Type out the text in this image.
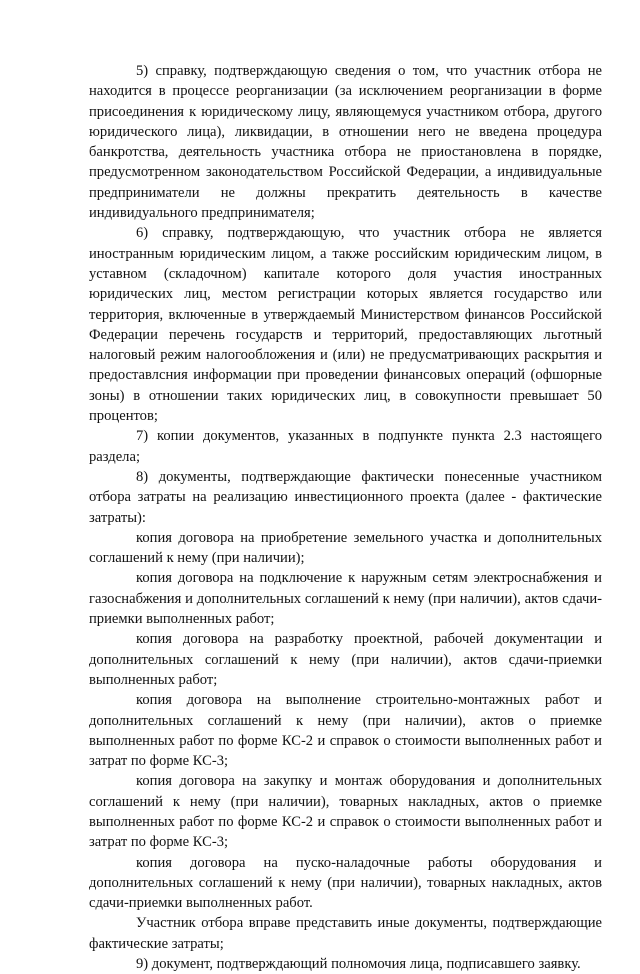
5) справку, подтверждающую сведения о том, что участник отбора не находится в процессе реорганизации (за исключением реорганизации в форме присоединения к юридическому лицу, являющемуся участником отбора, другого юридического лица), ликвидации, в отношении него не введена процедура банкротства, деятельность участника отбора не приостановлена в порядке, предусмотренном законодательством Российской Федерации, а индивидуальные предприниматели не должны прекратить деятельность в качестве индивидуального предпринимателя;

6) справку, подтверждающую, что участник отбора не является иностранным юридическим лицом, а также российским юридическим лицом, в уставном (складочном) капитале которого доля участия иностранных юридических лиц, местом регистрации которых является государство или территория, включенные в утверждаемый Министерством финансов Российской Федерации перечень государств и территорий, предоставляющих льготный налоговый режим налогообложения и (или) не предусматривающих раскрытия и предоставлсния информации при проведении финансовых операций (офшорные зоны) в отношении таких юридических лиц, в совокупности превышает 50 процентов;

7) копии документов, указанных в подпункте пункта 2.3 настоящего раздела;

8) документы, подтверждающие фактически понесенные участником отбора затраты на реализацию инвестиционного проекта (далее - фактические затраты):

копия договора на приобретение земельного участка и дополнительных соглашений к нему (при наличии);

копия договора на подключение к наружным сетям электроснабжения и газоснабжения и дополнительных соглашений к нему (при наличии), актов сдачи-приемки выполненных работ;

копия договора на разработку проектной, рабочей документации и дополнительных соглашений к нему (при наличии), актов сдачи-приемки выполненных работ;

копия договора на выполнение строительно-монтажных работ и дополнительных соглашений к нему (при наличии), актов о приемке выполненных работ по форме КС-2 и справок о стоимости выполненных работ и затрат по форме КС-3;

копия договора на закупку и монтаж оборудования и дополнительных соглашений к нему (при наличии), товарных накладных, актов о приемке выполненных работ по форме КС-2 и справок о стоимости выполненных работ и затрат по форме КС-3;

копия договора на пуско-наладочные работы оборудования и дополнительных соглашений к нему (при наличии), товарных накладных, актов сдачи-приемки выполненных работ.

Участник отбора вправе представить иные документы, подтверждающие фактические затраты;

9) документ, подтверждающий полномочия лица, подписавшего заявку.
